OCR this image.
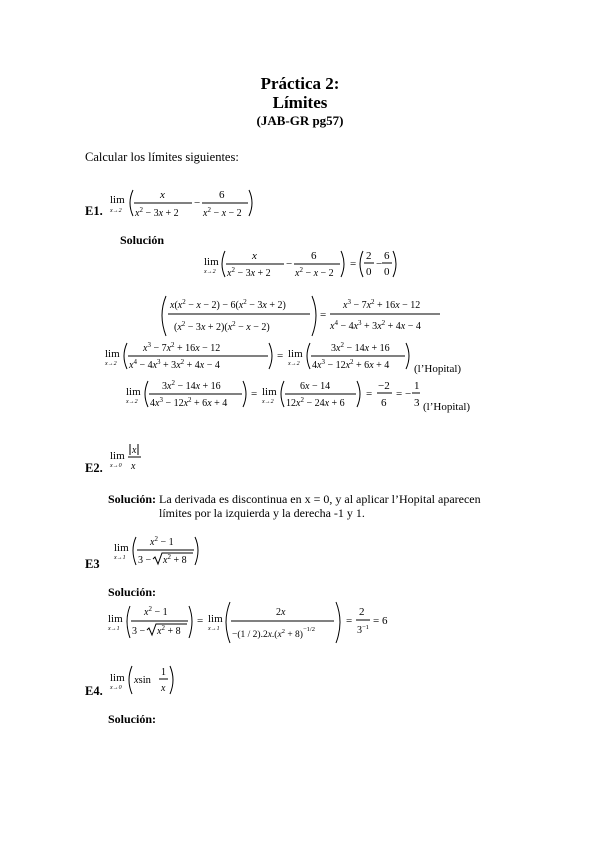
Práctica 2:
Límites
(JAB-GR pg57)
Calcular los límites siguientes:
E1.
lim
x→2
x
$x^2 - 3x + 2$
−
6
$x^2 - x - 2$
Solución
lim
x→2
x
$x^2 - 3x + 2$
−
6
$x^2 - x - 2$
=
2
0
−
6
0
$x(x^2 - x - 2) - 6(x^2 - 3x + 2)$
$(x^2 - 3x + 2)(x^2 - x - 2)$
=
$x^3 - 7x^2 + 16x - 12$
$x^4 - 4x^3 + 3x^2 + 4x - 4$
lim
x→2
$x^3 - 7x^2 + 16x - 12$
$x^4 - 4x^3 + 3x^2 + 4x - 4$
= lim
x→2
$3x^2 - 14x + 16$
$4x^3 - 12x^2 + 6x + 4$ (l’Hopital)
lim
x→2
$3x^2 - 14x + 16$
$4x^3 - 12x^2 + 6x + 4$
= lim
x→2
6x − 14
$12x^2 - 24x + 6$
=
−2
6
= −
1
3 (l’Hopital)
E2.
lim
x→0
x
x
Solución: La derivada es discontinua en x = 0, y al aplicar l’Hopital aparecen
límites por la izquierda y la derecha -1 y 1.
E3
lim
x→1
$x^2 - 1$
$3 - x^2 + 8$
Solución:
lim
x→1
$x^2 - 1$
$3 - x^2 + 8$
= lim
x→1
2x
$-(1 / 2).2x.(x^2 + 8)^{-1/2}$
=
2
$3^{-1}$
= 6
E4.
lim
x→0
xsin
1
x
Solución:
